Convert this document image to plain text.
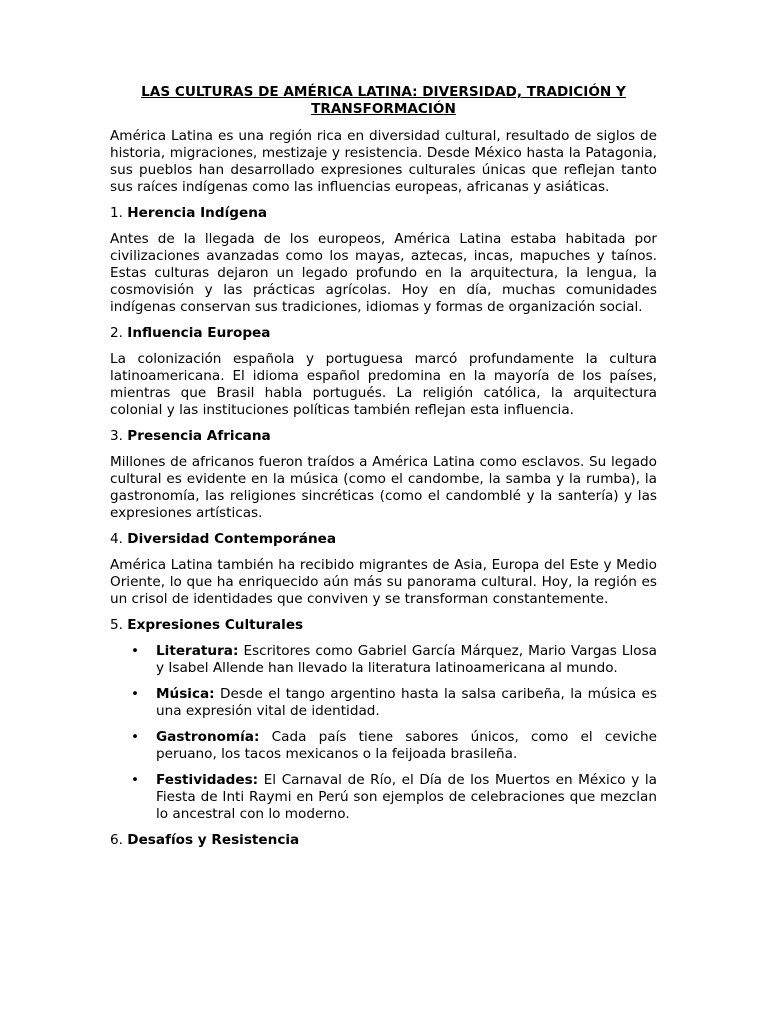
LAS CULTURAS DE AMÉRICA LATINA: DIVERSIDAD, TRADICIÓN Y TRANSFORMACIÓN

América Latina es una región rica en diversidad cultural, resultado de siglos de historia, migraciones, mestizaje y resistencia. Desde México hasta la Patagonia, sus pueblos han desarrollado expresiones culturales únicas que reflejan tanto sus raíces indígenas como las influencias europeas, africanas y asiáticas.

1. Herencia Indígena

Antes de la llegada de los europeos, América Latina estaba habitada por civilizaciones avanzadas como los mayas, aztecas, incas, mapuches y taínos. Estas culturas dejaron un legado profundo en la arquitectura, la lengua, la cosmovisión y las prácticas agrícolas. Hoy en día, muchas comunidades indígenas conservan sus tradiciones, idiomas y formas de organización social.

2. Influencia Europea

La colonización española y portuguesa marcó profundamente la cultura latinoamericana. El idioma español predomina en la mayoría de los países, mientras que Brasil habla portugués. La religión católica, la arquitectura colonial y las instituciones políticas también reflejan esta influencia.

3. Presencia Africana

Millones de africanos fueron traídos a América Latina como esclavos. Su legado cultural es evidente en la música (como el candombe, la samba y la rumba), la gastronomía, las religiones sincréticas (como el candomblé y la santería) y las expresiones artísticas.

4. Diversidad Contemporánea

América Latina también ha recibido migrantes de Asia, Europa del Este y Medio Oriente, lo que ha enriquecido aún más su panorama cultural. Hoy, la región es un crisol de identidades que conviven y se transforman constantemente.

5. Expresiones Culturales
• Literatura: Escritores como Gabriel García Márquez, Mario Vargas Llosa y Isabel Allende han llevado la literatura latinoamericana al mundo.
• Música: Desde el tango argentino hasta la salsa caribeña, la música es una expresión vital de identidad.
• Gastronomía: Cada país tiene sabores únicos, como el ceviche peruano, los tacos mexicanos o la feijoada brasileña.
• Festividades: El Carnaval de Río, el Día de los Muertos en México y la Fiesta de Inti Raymi en Perú son ejemplos de celebraciones que mezclan lo ancestral con lo moderno.
6. Desafíos y Resistencia
